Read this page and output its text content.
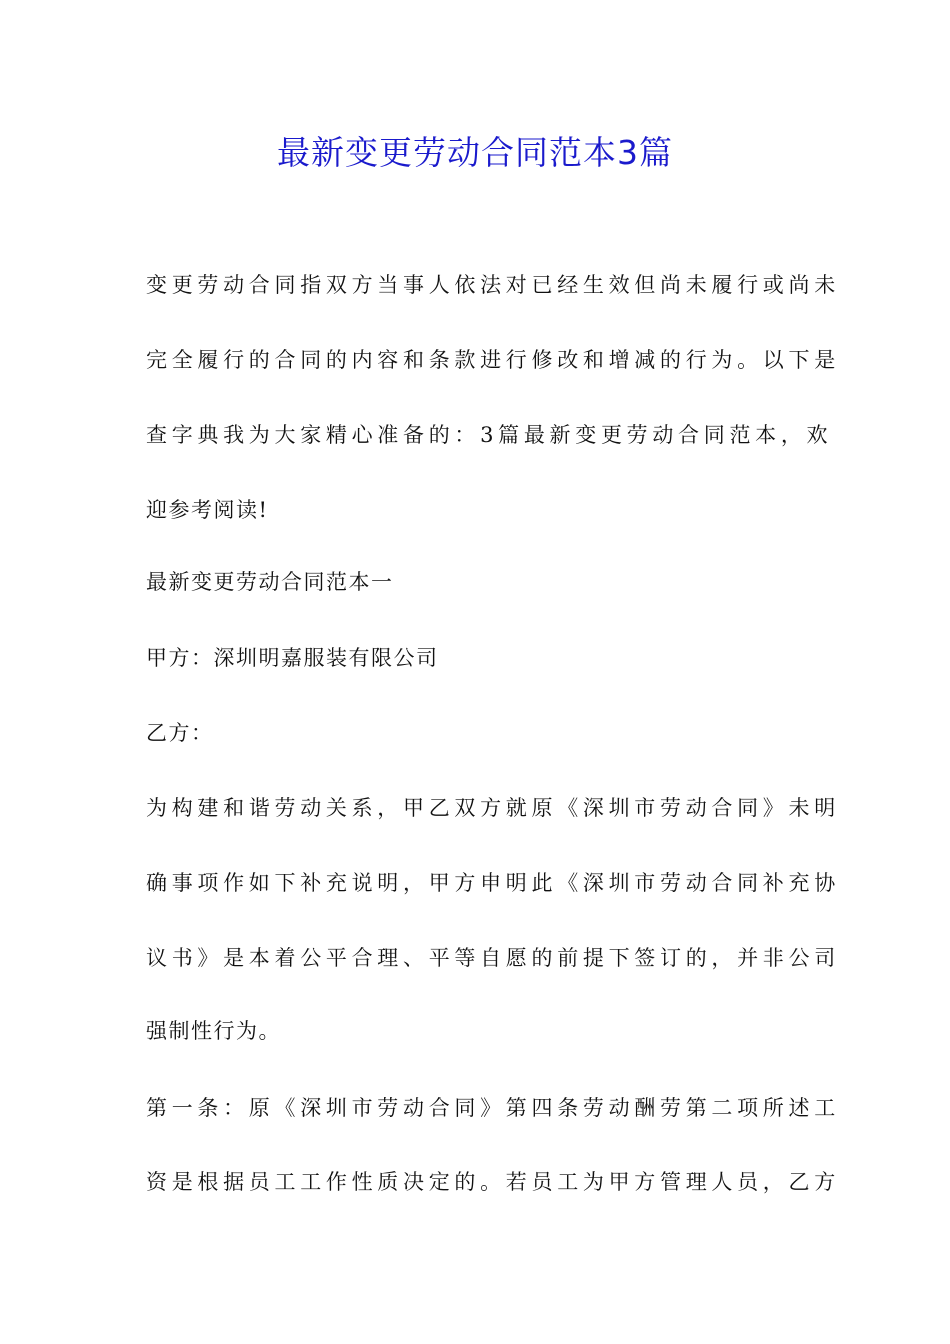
最新变更劳动合同范本3篇

变更劳动合同指双方当事人依法对已经生效但尚未履行或尚未

完全履行的合同的内容和条款进行修改和增减的行为。以下是

查字典我为大家精心准备的：3篇最新变更劳动合同范本，欢

迎参考阅读!

最新变更劳动合同范本一

甲方：深圳明嘉服装有限公司

乙方：

为构建和谐劳动关系，甲乙双方就原《深圳市劳动合同》未明

确事项作如下补充说明，甲方申明此《深圳市劳动合同补充协

议书》是本着公平合理、平等自愿的前提下签订的，并非公司

强制性行为。

第一条：原《深圳市劳动合同》第四条劳动酬劳第二项所述工

资是根据员工工作性质决定的。若员工为甲方管理人员，乙方
